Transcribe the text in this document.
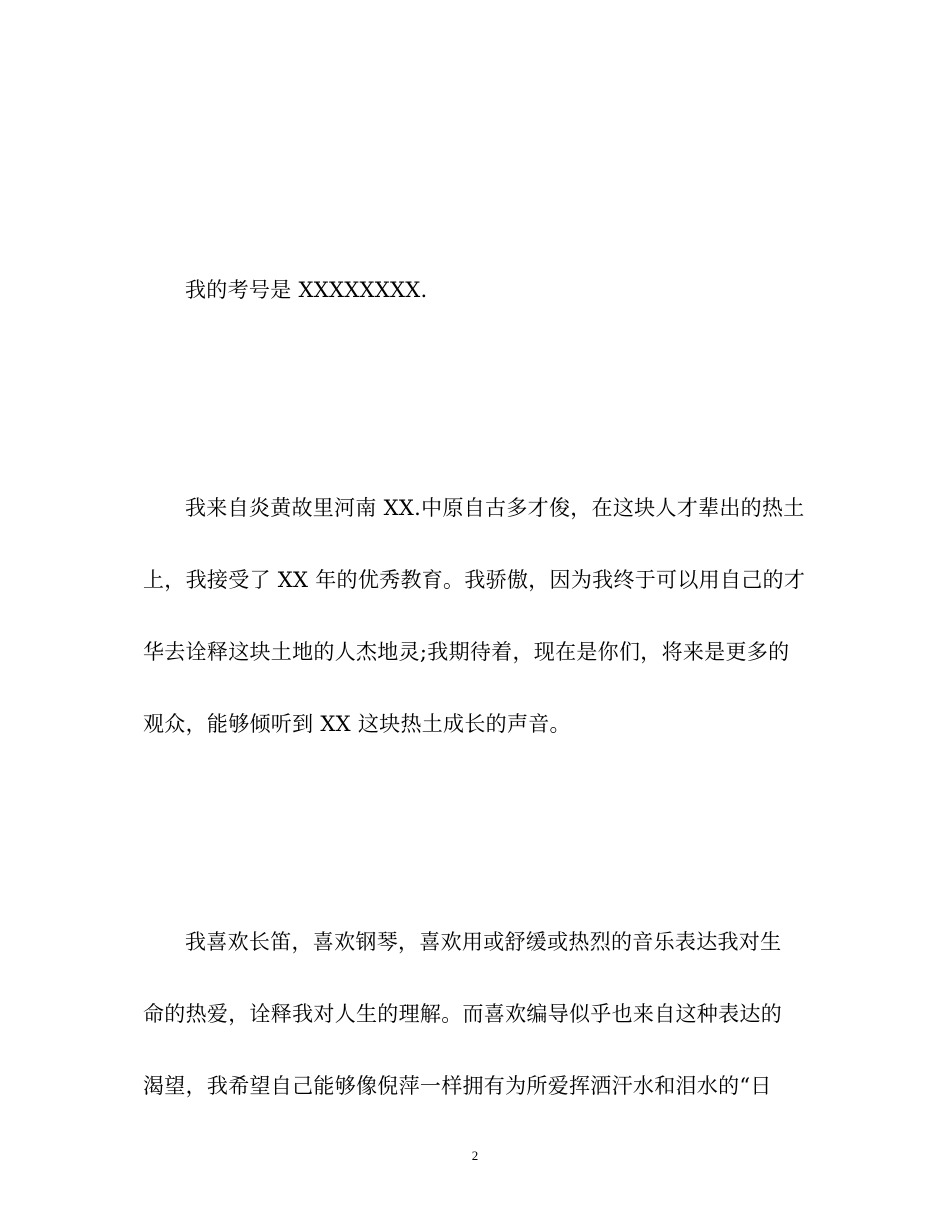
我的考号是 XXXXXXXX.
我来自炎黄故里河南 XX.中原自古多才俊，在这块人才辈出的热土
上，我接受了 XX 年的优秀教育。我骄傲，因为我终于可以用自己的才
华去诠释这块土地的人杰地灵;我期待着，现在是你们，将来是更多的
观众，能够倾听到 XX 这块热土成长的声音。
我喜欢长笛，喜欢钢琴，喜欢用或舒缓或热烈的音乐表达我对生
命的热爱，诠释我对人生的理解。而喜欢编导似乎也来自这种表达的
渴望，我希望自己能够像倪萍一样拥有为所爱挥洒汗水和泪水的“日
2
